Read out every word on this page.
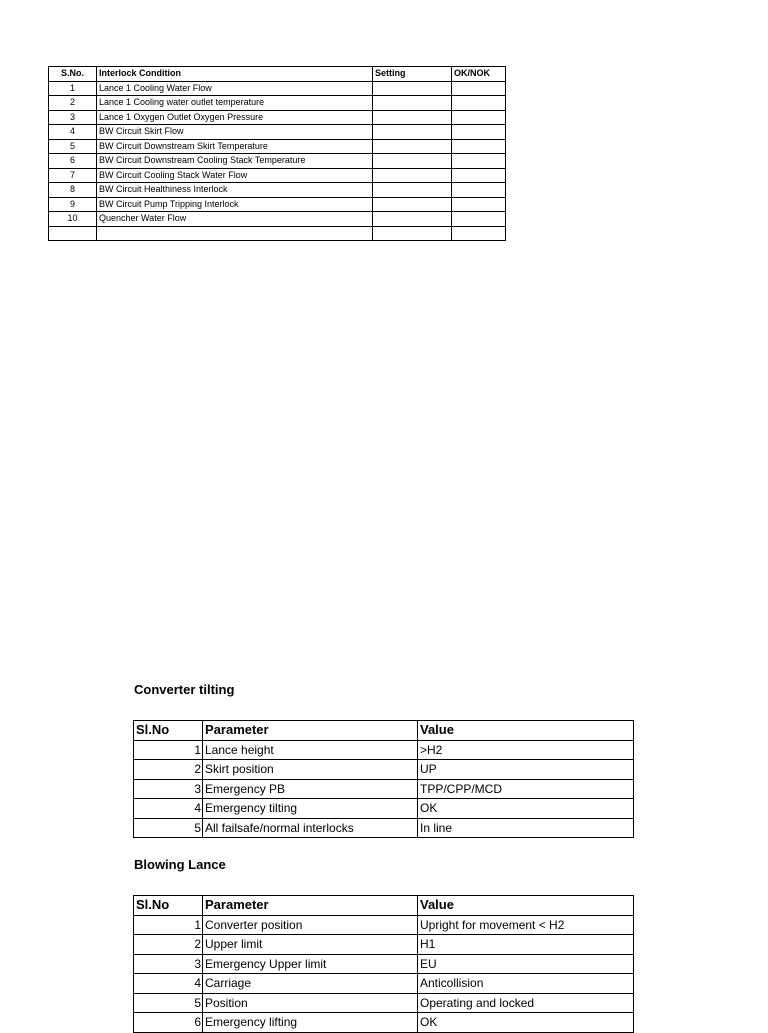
S.No.	Interlock Condition	Setting	OK/NOK
1	Lance 1 Cooling Water Flow		
2	Lance 1 Cooling water outlet temperature		
3	Lance 1 Oxygen Outlet Oxygen Pressure		
4	BW Circuit Skirt Flow		
5	BW Circuit Downstream Skirt Temperature		
6	BW Circuit Downstream Cooling Stack Temperature		
7	BW Circuit Cooling Stack Water Flow		
8	BW Circuit Healthiness Interlock		
9	BW Circuit Pump Tripping Interlock		
10	Quencher Water Flow		

Converter tilting
Sl.No	Parameter	Value
1	Lance height	>H2
2	Skirt position	UP
3	Emergency PB	TPP/CPP/MCD
4	Emergency tilting	OK
5	All failsafe/normal interlocks	In line
Blowing Lance
Sl.No	Parameter	Value
1	Converter position	Upright for movement < H2
2	Upper limit	H1
3	Emergency Upper limit	EU
4	Carriage	Anticollision
5	Position	Operating and locked
6	Emergency lifting	OK
